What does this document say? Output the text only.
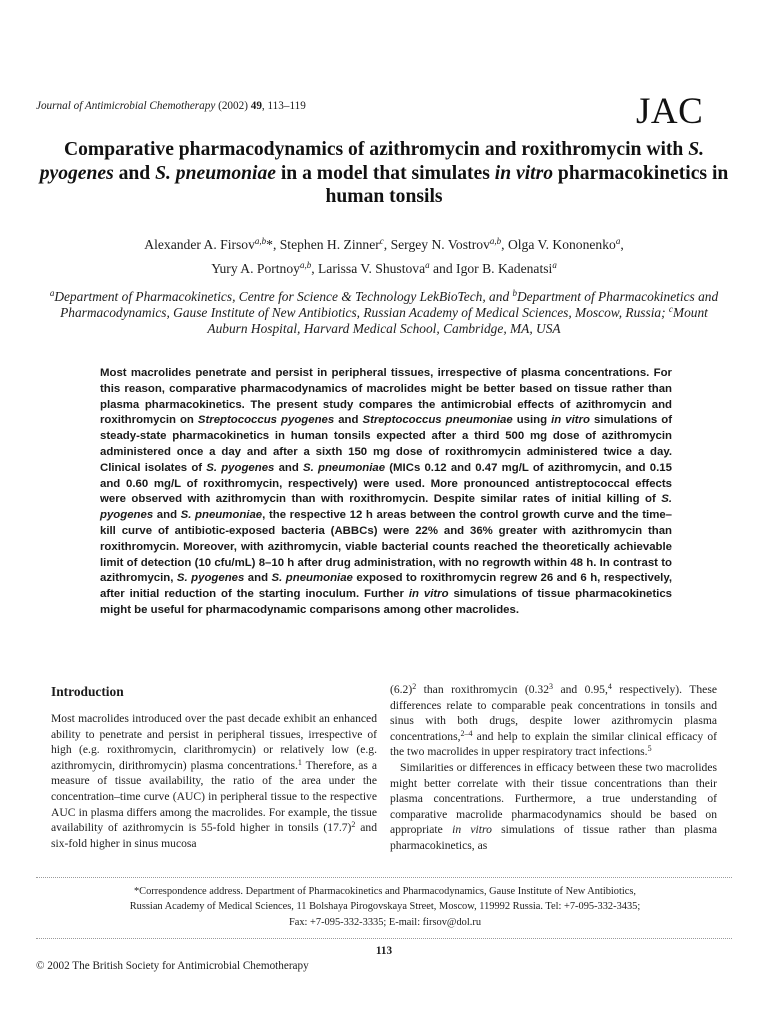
Journal of Antimicrobial Chemotherapy (2002) 49, 113–119	JAC
Comparative pharmacodynamics of azithromycin and roxithromycin with S. pyogenes and S. pneumoniae in a model that simulates in vitro pharmacokinetics in human tonsils
Alexander A. Firsov$^{a,b}$*, Stephen H. Zinner$^c$, Sergey N. Vostrov$^{a,b}$, Olga V. Kononenko$^a$,
Yury A. Portnoy$^{a,b}$, Larissa V. Shustova$^a$ and Igor B. Kadenatsi$^a$
$^a$Department of Pharmacokinetics, Centre for Science & Technology LekBioTech, and $^b$Department of Pharmacokinetics and Pharmacodynamics, Gause Institute of New Antibiotics, Russian Academy of Medical Sciences, Moscow, Russia; $^c$Mount Auburn Hospital, Harvard Medical School, Cambridge, MA, USA
Most macrolides penetrate and persist in peripheral tissues, irrespective of plasma concentrations. For this reason, comparative pharmacodynamics of macrolides might be better based on tissue rather than plasma pharmacokinetics. The present study compares the antimicrobial effects of azithromycin and roxithromycin on Streptococcus pyogenes and Streptococcus pneumoniae using in vitro simulations of steady-state pharmacokinetics in human tonsils expected after a third 500 mg dose of azithromycin administered once a day and after a sixth 150 mg dose of roxithromycin administered twice a day. Clinical isolates of S. pyogenes and S. pneumoniae (MICs 0.12 and 0.47 mg/L of azithromycin, and 0.15 and 0.60 mg/L of roxithromycin, respectively) were used. More pronounced antistreptococcal effects were observed with azithromycin than with roxithromycin. Despite similar rates of initial killing of S. pyogenes and S. pneumoniae, the respective 12 h areas between the control growth curve and the time–kill curve of antibiotic-exposed bacteria (ABBCs) were 22% and 36% greater with azithromycin than roxithromycin. Moreover, with azithromycin, viable bacterial counts reached the theoretically achievable limit of detection (10 cfu/mL) 8–10 h after drug administration, with no regrowth within 48 h. In contrast to azithromycin, S. pyogenes and S. pneumoniae exposed to roxithromycin regrew 26 and 6 h, respectively, after initial reduction of the starting inoculum. Further in vitro simulations of tissue pharmacokinetics might be useful for pharmacodynamic comparisons among other macrolides.
Introduction
Most macrolides introduced over the past decade exhibit an enhanced ability to penetrate and persist in peripheral tissues, irrespective of high (e.g. roxithromycin, clarithromycin) or relatively low (e.g. azithromycin, dirithromycin) plasma concentrations.$^1$ Therefore, as a measure of tissue availability, the ratio of the area under the concentration–time curve (AUC) in peripheral tissue to the respective AUC in plasma differs among the macrolides. For example, the tissue availability of azithromycin is 55-fold higher in tonsils (17.7)$^2$ and six-fold higher in sinus mucosa

(6.2)$^2$ than roxithromycin (0.32$^3$ and 0.95,$^4$ respectively). These differences relate to comparable peak concentrations in tonsils and sinus with both drugs, despite lower azithromycin plasma concentrations,$^{2-4}$ and help to explain the similar clinical efficacy of the two macrolides in upper respiratory tract infections.$^5$

Similarities or differences in efficacy between these two macrolides might better correlate with their tissue concentrations than their plasma concentrations. Furthermore, a true understanding of comparative macrolide pharmacodynamics should be based on appropriate in vitro simulations of tissue rather than plasma pharmacokinetics, as

*Correspondence address. Department of Pharmacokinetics and Pharmacodynamics, Gause Institute of New Antibiotics,
Russian Academy of Medical Sciences, 11 Bolshaya Pirogovskaya Street, Moscow, 119992 Russia. Tel: +7-095-332-3435;
Fax: +7-095-332-3335; E-mail: firsov@dol.ru
113
© 2002 The British Society for Antimicrobial Chemotherapy
